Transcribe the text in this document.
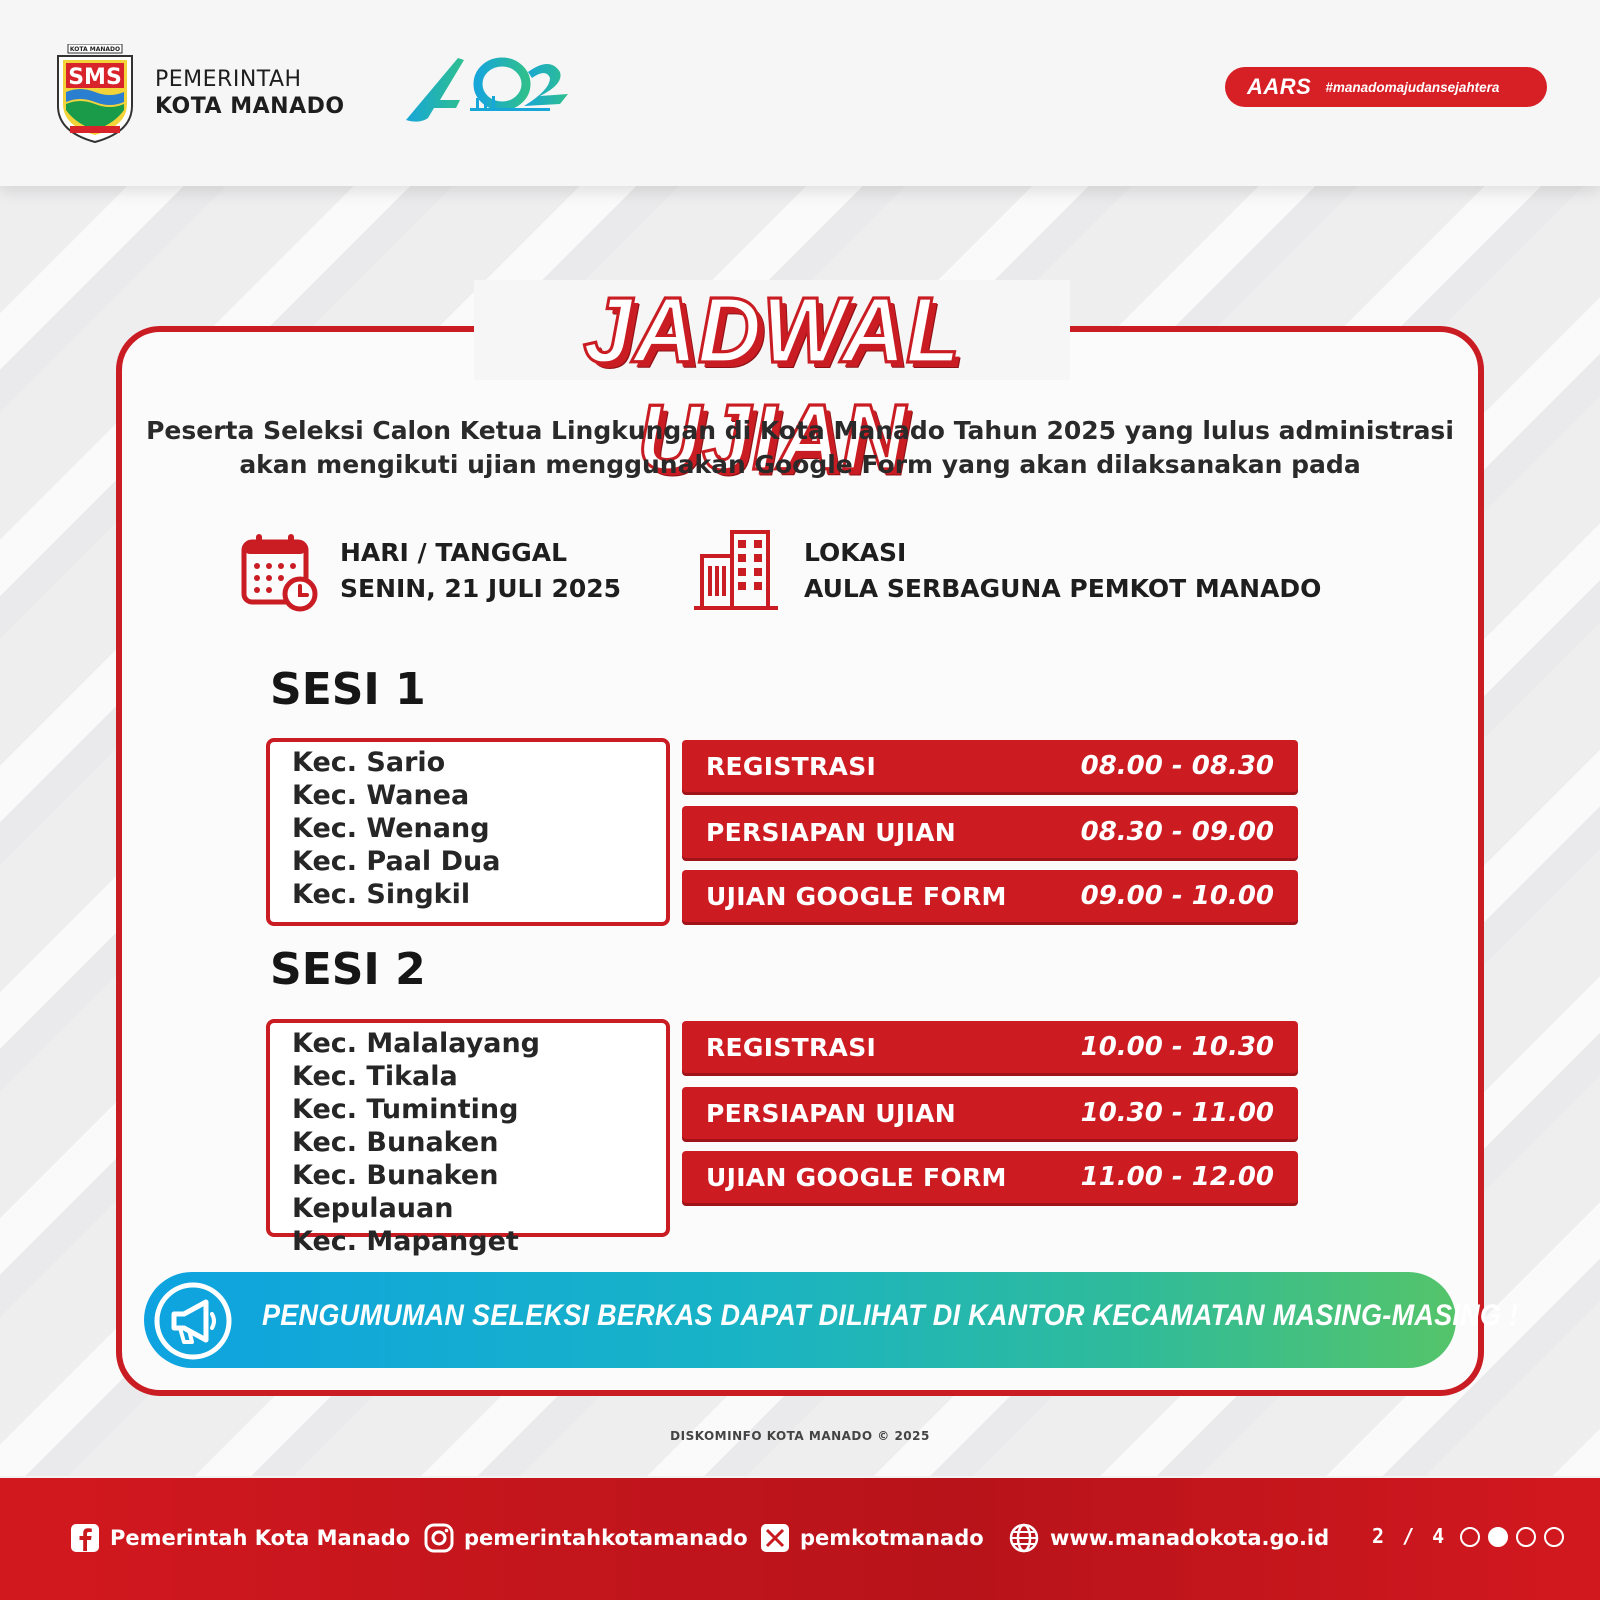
KOTA MANADO
SMS PEMERINTAH
KOTA MANADO
AARS #manadomajudansejahtera
JADWAL UJIAN
Peserta Seleksi Calon Ketua Lingkungan di Kota Manado Tahun 2025 yang lulus administrasi
akan mengikuti ujian menggunakan Google Form yang akan dilaksanakan pada
HARI / TANGGAL
SENIN, 21 JULI 2025
LOKASI
AULA SERBAGUNA PEMKOT MANADO
SESI 1
Kec. Sario
Kec. Wanea
Kec. Wenang
Kec. Paal Dua
Kec. Singkil
REGISTRASI	08.00 - 08.30
PERSIAPAN UJIAN	08.30 - 09.00
UJIAN GOOGLE FORM	09.00 - 10.00
SESI 2
Kec. Malalayang
Kec. Tikala
Kec. Tuminting
Kec. Bunaken
Kec. Bunaken Kepulauan
Kec. Mapanget
REGISTRASI	10.00 - 10.30
PERSIAPAN UJIAN	10.30 - 11.00
UJIAN GOOGLE FORM	11.00 - 12.00
PENGUMUMAN SELEKSI BERKAS DAPAT DILIHAT DI KANTOR KECAMATAN MASING-MASING !
DISKOMINFO KOTA MANADO © 2025
Pemerintah Kota Manado	pemerintahkotamanado pemkotmanado	www.manadokota.go.id 2 / 4
